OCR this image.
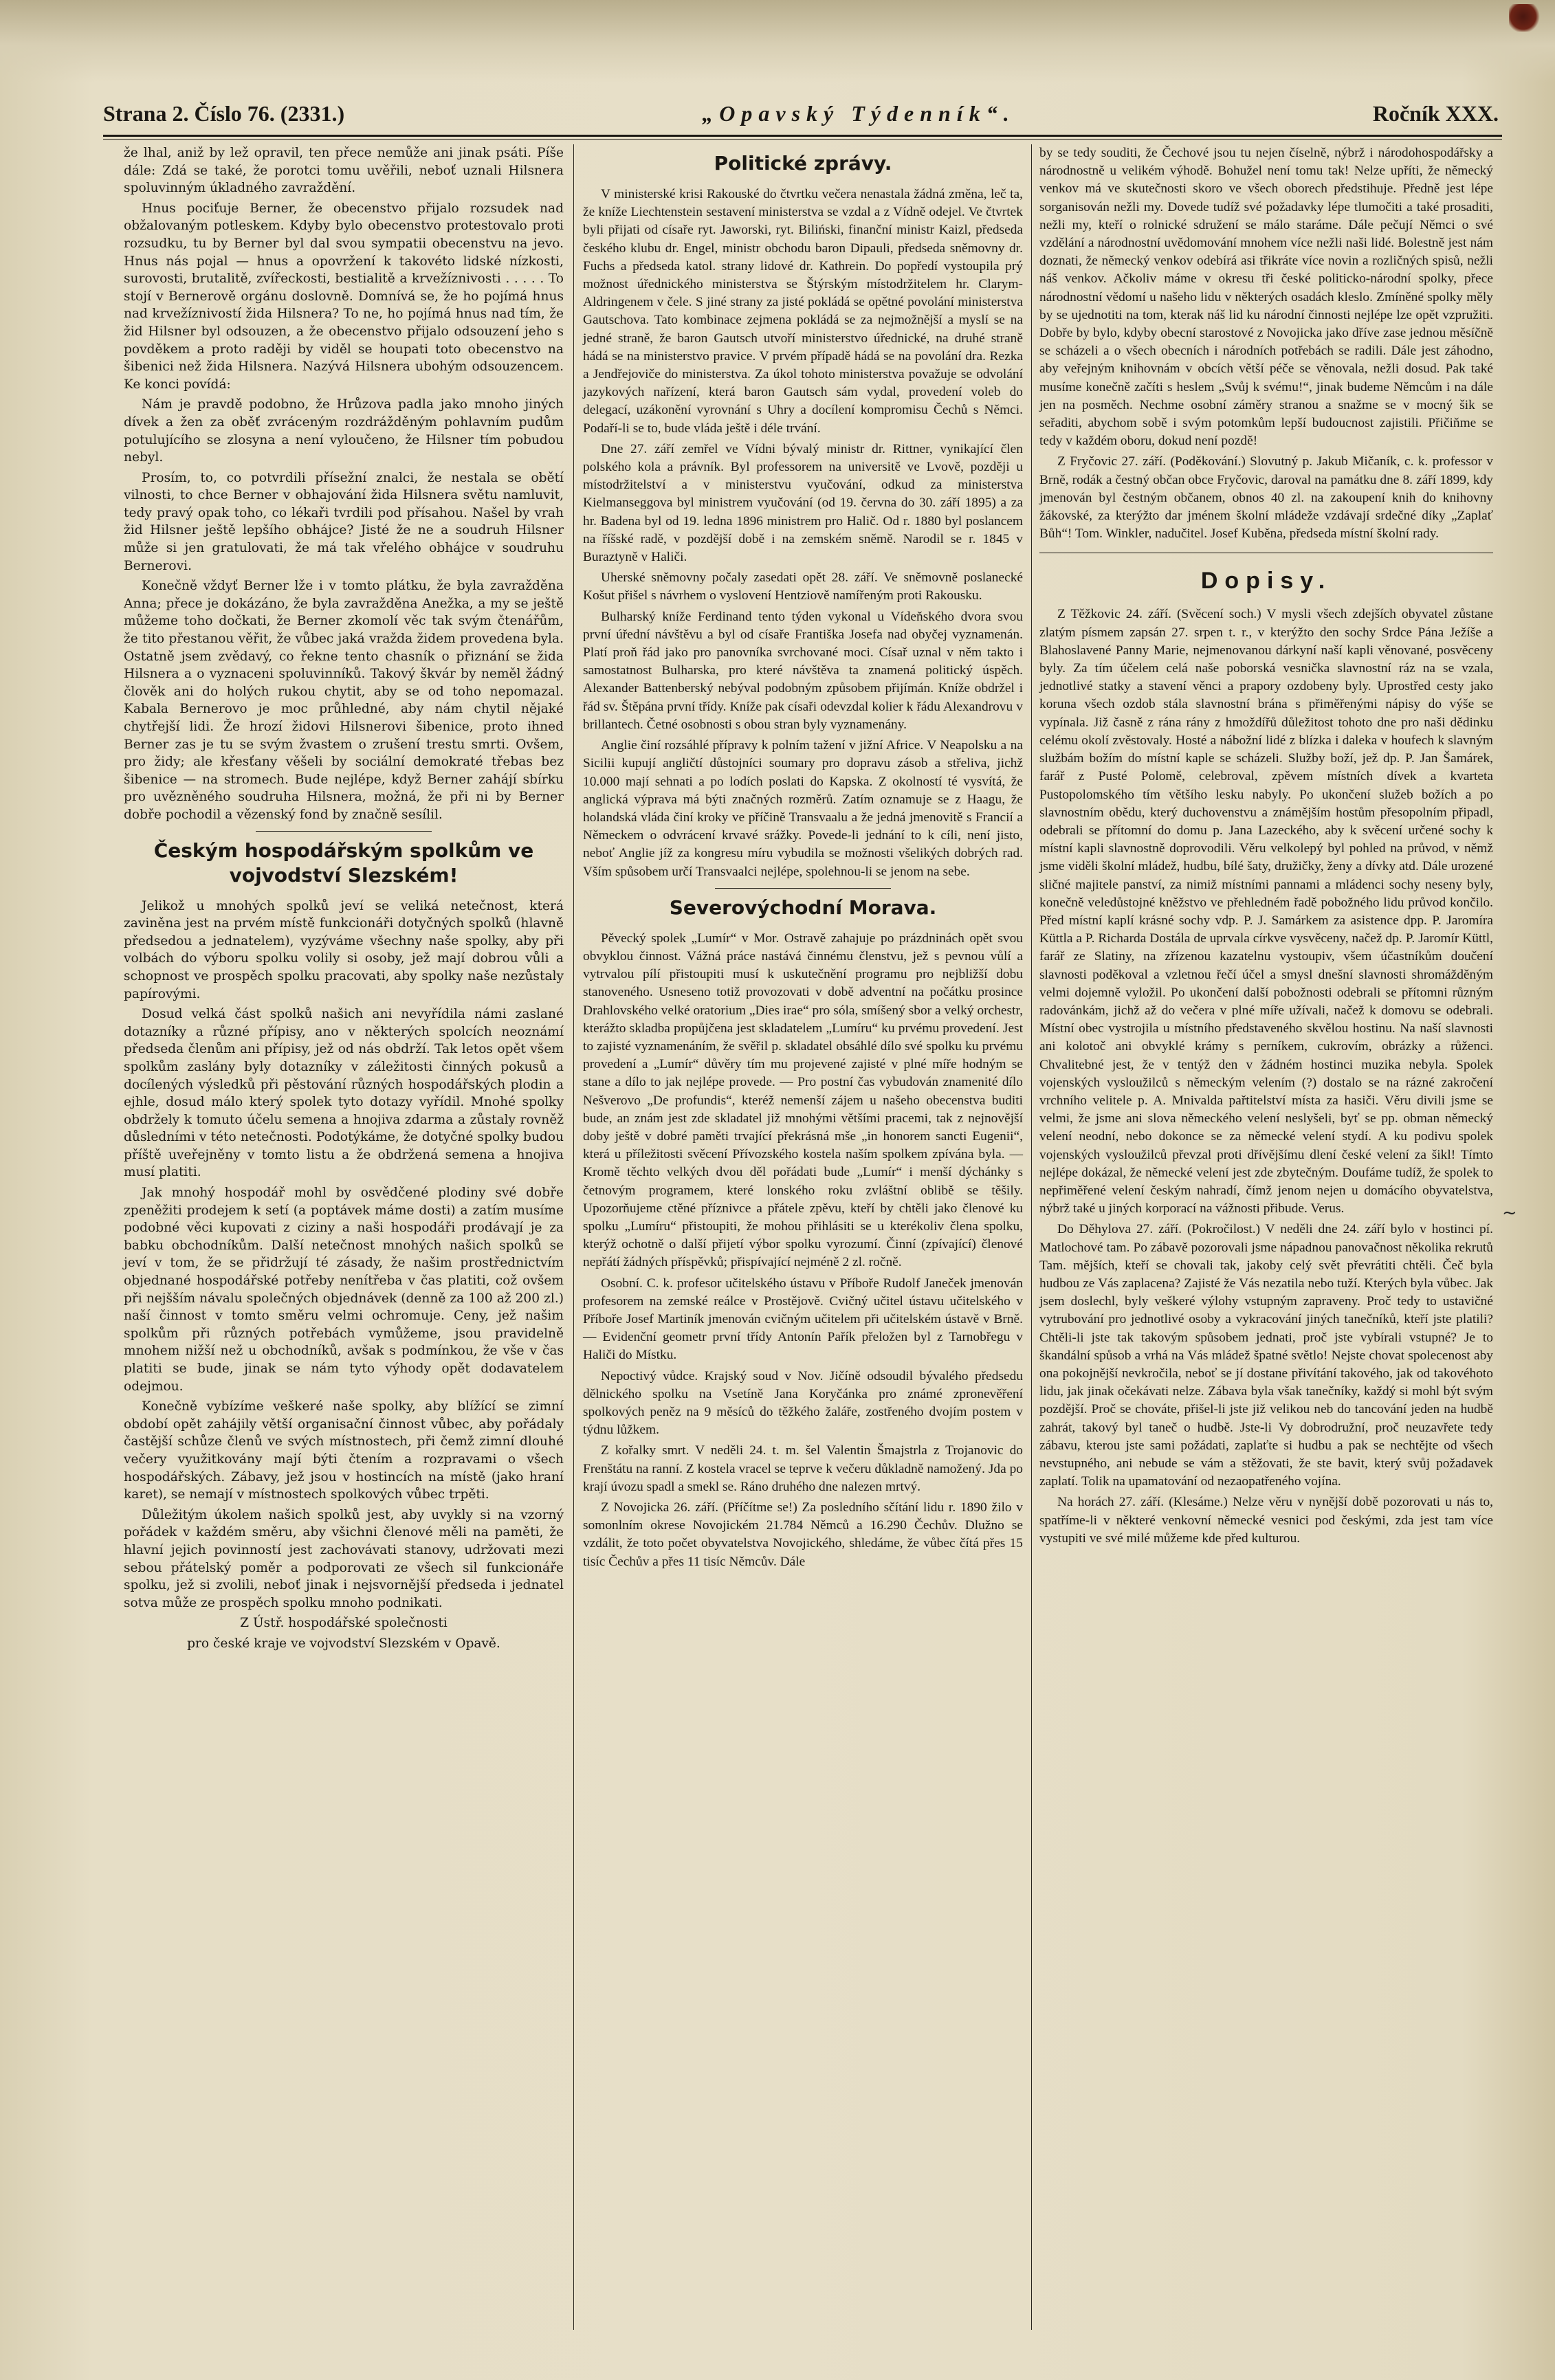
Strana 2. Číslo 76. (2331.)	„Opavský Týdenník“.	Ročník XXX.

že lhal, aniž by lež opravil, ten přece nemůže ani jinak psáti. Píše dále: Zdá se také, že porotci tomu uvěřili, neboť uznali Hilsnera spoluvinným úkladného zavraždění.

Hnus pociťuje Berner, že obecenstvo přijalo rozsudek nad obžalovaným potleskem. Kdyby bylo obecenstvo protestovalo proti rozsudku, tu by Berner byl dal svou sympatii obecenstvu na jevo. Hnus nás pojal — hnus a opovržení k takovéto lidské nízkosti, surovosti, brutalitě, zvířeckosti, bestialitě a krvežíznivosti . . . . . To stojí v Bernerově orgánu doslovně. Domnívá se, že ho pojímá hnus nad krvežíznivostí žida Hilsnera? To ne, ho pojímá hnus nad tím, že žid Hilsner byl odsouzen, a že obecenstvo přijalo odsouzení jeho s povděkem a proto raději by viděl se houpati toto obecenstvo na šibenici než žida Hilsnera. Nazývá Hilsnera ubohým odsouzencem. Ke konci povídá:

Nám je pravdě podobno, že Hrůzova padla jako mnoho jiných dívek a žen za oběť zvráceným rozdrážděným pohlavním pudům potulujícího se zlosyna a není vyloučeno, že Hilsner tím pobudou nebyl.

Prosím, to, co potvrdili přísežní znalci, že nestala se obětí vilnosti, to chce Berner v obhajování žida Hilsnera světu namluvit, tedy pravý opak toho, co lékaři tvrdili pod přísahou. Našel by vrah žid Hilsner ještě lepšího obhájce? Jisté že ne a soudruh Hilsner může si jen gratulovati, že má tak vřelého obhájce v soudruhu Bernerovi.

Konečně vždyť Berner lže i v tomto plátku, že byla zavražděna Anna; přece je dokázáno, že byla zavražděna Anežka, a my se ještě můžeme toho dočkati, že Berner zkomolí věc tak svým čtenářům, že tito přestanou věřit, že vůbec jaká vražda židem provedena byla. Ostatně jsem zvědavý, co řekne tento chasník o přiznání se žida Hilsnera a o vyznaceni spoluvinníků. Takový škvár by neměl žádný člověk ani do holých rukou chytit, aby se od toho nepomazal. Kabala Bernerovo je moc průhledné, aby nám chytil nějaké chytřejší lidi. Že hrozí židovi Hilsnerovi šibenice, proto ihned Berner zas je tu se svým žvastem o zrušení trestu smrti. Ovšem, pro židy; ale křesťany věšeli by sociální demokraté třebas bez šibenice — na stromech. Bude nejlépe, když Berner zahájí sbírku pro uvězněného soudruha Hilsnera, možná, že při ni by Berner dobře pochodil a vězenský fond by značně sesílil.

Českým hospodářským spolkům ve vojvodství Slezském!

Jelikož u mnohých spolků jeví se veliká netečnost, která zaviněna jest na prvém místě funkcionáři dotyčných spolků (hlavně předsedou a jednatelem), vyzýváme všechny naše spolky, aby při volbách do výboru spolku volily si osoby, jež mají dobrou vůli a schopnost ve prospěch spolku pracovati, aby spolky naše nezůstaly papírovými.

Dosud velká část spolků našich ani nevyřídila námi zaslané dotazníky a různé přípisy, ano v některých spolcích neoznámí předseda členům ani přípisy, jež od nás obdrží. Tak letos opět všem spolkům zaslány byly dotazníky v záležitosti činných pokusů a docílených výsledků při pěstování různých hospodářských plodin a ejhle, dosud málo který spolek tyto dotazy vyřídil. Mnohé spolky obdržely k tomuto účelu semena a hnojiva zdarma a zůstaly rovněž důsledními v této netečnosti. Podotýkáme, že dotyčné spolky budou příště uveřejněny v tomto listu a že obdržená semena a hnojiva musí platiti.

Jak mnohý hospodář mohl by osvědčené plodiny své dobře zpeněžiti prodejem k setí (a poptávek máme dosti) a zatím musíme podobné věci kupovati z ciziny a naši hospodáři prodávají je za babku obchodníkům. Další netečnost mnohých našich spolků se jeví v tom, že se přidržují té zásady, že našim prostřednictvím objednané hospodářské potřeby nenítřeba v čas platiti, což ovšem při nejšším návalu společných objednávek (denně za 100 až 200 zl.) naší činnost v tomto směru velmi ochromuje. Ceny, jež našim spolkům při různých potřebách vymůžeme, jsou pravidelně mnohem nižší než u obchodníků, avšak s podmínkou, že vše v čas platiti se bude, jinak se nám tyto výhody opět dodavatelem odejmou.

Konečně vybízíme veškeré naše spolky, aby blížící se zimní období opět zahájily větší organisační činnost vůbec, aby pořádaly častější schůze členů ve svých místnostech, při čemž zimní dlouhé večery využitkovány mají býti čtením a rozpravami o všech hospodářských. Zábavy, jež jsou v hostincích na místě (jako hraní karet), se nemají v místnostech spolkových vůbec trpěti.

Důležitým úkolem našich spolků jest, aby uvykly si na vzorný pořádek v každém směru, aby všichni členové měli na paměti, že hlavní jejich povinností jest zachovávati stanovy, udržovati mezi sebou přátelský poměr a podporovati ze všech sil funkcionáře spolku, jež si zvolili, neboť jinak i nejsvornější předseda i jednatel sotva může ze prospěch spolku mnoho podnikati.

Z Ústř. hospodářské společnosti

pro české kraje ve vojvodství Slezském v Opavě.

Politické zprávy.

V ministerské krisi Rakouské do čtvrtku večera nenastala žádná změna, leč ta, že kníže Liechtenstein sestavení ministerstva se vzdal a z Vídně odejel. Ve čtvrtek byli přijati od císaře ryt. Jaworski, ryt. Biliński, finanční ministr Kaizl, předseda českého klubu dr. Engel, ministr obchodu baron Dipauli, předseda sněmovny dr. Fuchs a předseda katol. strany lidové dr. Kathrein. Do popředí vystoupila prý možnost úřednického ministerstva se Štýrským místodržitelem hr. Clarym-Aldringenem v čele. S jiné strany za jisté pokládá se opětné povolání ministerstva Gautschova. Tato kombinace zejmena pokládá se za nejmožnější a myslí se na jedné straně, že baron Gautsch utvoří ministerstvo úřednické, na druhé straně hádá se na ministerstvo pravice. V prvém případě hádá se na povolání dra. Rezka a Jendřejoviče do ministerstva. Za úkol tohoto ministerstva považuje se odvolání jazykových nařízení, která baron Gautsch sám vydal, provedení voleb do delegací, uzákonění vyrovnání s Uhry a docílení kompromisu Čechů s Němci. Podaří-li se to, bude vláda ještě i déle trvání.

Dne 27. září zemřel ve Vídni bývalý ministr dr. Rittner, vynikající člen polského kola a právník. Byl professorem na universitě ve Lvově, později u místodržitelství a v ministerstvu vyučování, odkud za ministerstva Kielmanseggova byl ministrem vyučování (od 19. června do 30. září 1895) a za hr. Badena byl od 19. ledna 1896 ministrem pro Halič. Od r. 1880 byl poslancem na říšské radě, v pozdější době i na zemském sněmě. Narodil se r. 1845 v Buraztyně v Haliči.

Uherské sněmovny počaly zasedati opět 28. září. Ve sněmovně poslanecké Košut přišel s návrhem o vyslovení Hentziově namířeným proti Rakousku.

Bulharský kníže Ferdinand tento týden vykonal u Vídeňského dvora svou první úřední návštěvu a byl od císaře Františka Josefa nad obyčej vyznamenán. Platí proň řád jako pro panovníka svrchované moci. Císař uznal v něm takto i samostatnost Bulharska, pro které návštěva ta znamená politický úspěch. Alexander Battenberský nebýval podobným způsobem přijímán. Kníže obdržel i řád sv. Štěpána první třídy. Kníže pak císaři odevzdal kolier k řádu Alexandrovu v brillantech. Četné osobnosti s obou stran byly vyznamenány.

Anglie činí rozsáhlé přípravy k polním tažení v jižní Africe. V Neapolsku a na Sicilii kupují angličtí důstojníci soumary pro dopravu zásob a střeliva, jichž 10.000 mají sehnati a po lodích poslati do Kapska. Z okolností té vysvítá, že anglická výprava má býti značných rozměrů. Zatím oznamuje se z Haagu, že holandská vláda činí kroky ve příčině Transvaalu a že jedná jmenovitě s Francií a Německem o odvrácení krvavé srážky. Povede-li jednání to k cíli, není jisto, neboť Anglie jíž za kongresu míru vybudila se možnosti všelikých dobrých rad. Vším spůsobem určí Transvaalci nejlépe, spolehnou-li se jenom na sebe.

Severovýchodní Morava.

Pěvecký spolek „Lumír“ v Mor. Ostravě zahajuje po prázdninách opět svou obvyklou činnost. Vážná práce nastává činnému členstvu, jež s pevnou vůlí a vytrvalou pílí přistoupiti musí k uskutečnění programu pro nejbližší dobu stanoveného. Usneseno totiž provozovati v době adventní na počátku prosince Drahlovského velké oratorium „Dies irae“ pro sóla, smíšený sbor a velký orchestr, kterážto skladba propůjčena jest skladatelem „Lumíru“ ku prvému provedení. Jest to zajisté vyznamenáním, že svěřil p. skladatel obsáhlé dílo své spolku ku prvému provedení a „Lumír“ důvěry tím mu projevené zajisté v plné míře hodným se stane a dílo to jak nejlépe provede. — Pro postní čas vybudován znamenité dílo Nešverovo „De profundis“, kteréž nemenší zájem u našeho obecenstva buditi bude, an znám jest zde skladatel již mnohými většími pracemi, tak z nejnovější doby ještě v dobré paměti trvající překrásná mše „in honorem sancti Eugenii“, která u příležitosti svěcení Přívozského kostela naším spolkem zpívána byla. — Kromě těchto velkých dvou děl pořádati bude „Lumír“ i menší dýchánky s četnovým programem, které lonského roku zvláštní oblibě se těšily. Upozorňujeme ctěné příznivce a přátele zpěvu, kteří by chtěli jako členové ku spolku „Lumíru“ přistoupiti, že mohou přihlásiti se u kterékoliv člena spolku, kterýž ochotně o další přijetí výbor spolku vyrozumí. Činní (zpívající) členové nepřátí žádných příspěvků; přispívající nejméně 2 zl. ročně.

Osobní. C. k. profesor učitelského ústavu v Příboře Rudolf Janeček jmenován profesorem na zemské reálce v Prostějově. Cvičný učitel ústavu učitelského v Příboře Josef Martiník jmenován cvičným učitelem při učitelském ústavě v Brně. — Evidenční geometr první třídy Antonín Pařík přeložen byl z Tarnobřegu v Haliči do Místku.

Nepoctivý vůdce. Krajský soud v Nov. Jičíně odsoudil bývalého předsedu dělnického spolku na Vsetíně Jana Koryčánka pro známé zpronevěření spolkových peněz na 9 měsíců do těžkého žaláře, zostřeného dvojím postem v týdnu lůžkem.

Z kořalky smrt. V neděli 24. t. m. šel Valentin Šmajstrla z Trojanovic do Frenštátu na ranní. Z kostela vracel se teprve k večeru důkladně namožený. Jda po krají úvozu spadl a smekl se. Ráno druhého dne nalezen mrtvý.

Z Novojicka 26. září. (Příčítme se!) Za posledního sčítání lidu r. 1890 žilo v somonlním okrese Novojickém 21.784 Němců a 16.290 Čechův. Dlužno se vzdálit, že toto počet obyvatelstva Novojického, shledáme, že vůbec čítá přes 15 tisíc Čechův a přes 11 tisíc Němcův. Dále

by se tedy souditi, že Čechové jsou tu nejen číselně, nýbrž i národohospodářsky a národnostně u velikém výhodě. Bohužel není tomu tak! Nelze upříti, že německý venkov má ve skutečnosti skoro ve všech oborech předstihuje. Předně jest lépe sorganisován nežli my. Dovede tudíž své požadavky lépe tlumočiti a také prosaditi, nežli my, kteří o rolnické sdružení se málo staráme. Dále pečují Němci o své vzdělání a národnostní uvědomování mnohem více nežli naši lidé. Bolestně jest nám doznati, že německý venkov odebírá asi třikráte více novin a rozličných spisů, nežli náš venkov. Ačkoliv máme v okresu tři české politicko-národní spolky, přece národnostní vědomí u našeho lidu v některých osadách kleslo. Zmíněné spolky měly by se ujednotiti na tom, kterak náš lid ku národní činnosti nejlépe lze opět vzpružiti. Dobře by bylo, kdyby obecní starostové z Novojicka jako dříve zase jednou měsíčně se scházeli a o všech obecních i národních potřebách se radili. Dále jest záhodno, aby veřejným knihovnám v obcích větší péče se věnovala, nežli dosud. Pak také musíme konečně začíti s heslem „Svůj k svému!“, jinak budeme Němcům i na dále jen na posměch. Nechme osobní záměry stranou a snažme se v mocný šik se seřaditi, abychom sobě i svým potomkům lepší budoucnost zajistili. Přičiňme se tedy v každém oboru, dokud není pozdě!

Z Fryčovic 27. září. (Poděkování.) Slovutný p. Jakub Mičaník, c. k. professor v Brně, rodák a čestný občan obce Fryčovic, daroval na památku dne 8. září 1899, kdy jmenován byl čestným občanem, obnos 40 zl. na zakoupení knih do knihovny žákovské, za kterýžto dar jménem školní mládeže vzdávají srdečné díky „Zaplať Bůh“! Tom. Winkler, nadučitel. Josef Kuběna, předseda místní školní rady.

Dopisy.

Z Těžkovic 24. září. (Svěcení soch.) V mysli všech zdejších obyvatel zůstane zlatým písmem zapsán 27. srpen t. r., v kterýžto den sochy Srdce Pána Ježíše a Blahoslavené Panny Marie, nejmenovanou dárkyní naší kapli věnované, posvěceny byly. Za tím účelem celá naše poborská vesnička slavnostní ráz na se vzala, jednotlivé statky a stavení věnci a prapory ozdobeny byly. Uprostřed cesty jako koruna všech ozdob stála slavnostní brána s přiměřenými nápisy do výše se vypínala. Již časně z rána rány z hmoždířů důležitost tohoto dne pro naši dědinku celému okolí zvěstovaly. Hosté a nábožní lidé z blízka i daleka v houfech k slavným službám božím do místní kaple se scházeli. Služby boží, jež dp. P. Jan Šamárek, farář z Pusté Polomě, celebroval, zpěvem místních dívek a kvarteta Pustopolomského tím většího lesku nabyly. Po ukončení služeb božích a po slavnostním obědu, který duchovenstvu a známějším hostům přesopolním připadl, odebrali se přítomní do domu p. Jana Lazeckého, aby k svěcení určené sochy k místní kapli slavnostně doprovodili. Věru velkolepý byl pohled na průvod, v němž jsme viděli školní mládež, hudbu, bílé šaty, družičky, ženy a dívky atd. Dále urozené sličné majitele panství, za nimiž místními pannami a mládenci sochy neseny byly, konečně veledůstojné kněžstvo ve přehledném řadě pobožného lidu průvod končilo. Před místní kaplí krásné sochy vdp. P. J. Samárkem za asistence dpp. P. Jaromíra Küttla a P. Richarda Dostála de uprvala církve vysvěceny, načež dp. P. Jaromír Küttl, farář ze Slatiny, na zřízenou kazatelnu vystoupiv, všem účastníkům doučení slavnosti poděkoval a vzletnou řečí účel a smysl dnešní slavnosti shromážděným velmi dojemně vyložil. Po ukončení další pobožnosti odebrali se přítomni různým radovánkám, jichž až do večera v plné míře užívali, načež k domovu se odebrali. Místní obec vystrojila u místního představeného skvělou hostinu. Na naší slavnosti ani kolotoč ani obvyklé krámy s perníkem, cukrovím, obrázky a růženci. Chvalitebné jest, že v tentýž den v žádném hostinci muzika nebyla. Spolek vojenských vysloužilců s německým velením (?) dostalo se na rázné zakročení vrchního velitele p. A. Mnivalda pařtitelství místa za hasiči. Věru divili jsme se velmi, že jsme ani slova německého velení neslyšeli, byť se pp. obman německý velení neodní, nebo dokonce se za německé velení stydí. A ku podivu spolek vojenských vysloužilců převzal proti dřívějšímu dlení české velení za šikl! Tímto nejlépe dokázal, že německé velení jest zde zbytečným. Doufáme tudíž, že spolek to nepřiměřené velení českým nahradí, čímž jenom nejen u domácího obyvatelstva, nýbrž také u jiných korporací na vážnosti přibude. Verus.

Do Děhylova 27. září. (Pokročilost.) V neděli dne 24. září bylo v hostinci pí. Matlochové tam. Po zábavě pozorovali jsme nápadnou panovačnost několika rekrutů Tam. mějších, kteří se chovali tak, jakoby celý svět převrátiti chtěli. Čeč byla hudbou ze Vás zaplacena? Zajisté že Vás nezatila nebo tuží. Kterých byla vůbec. Jak jsem doslechl, byly veškeré výlohy vstupným zapraveny. Proč tedy to ustavičné vytrubování pro jednotlivé osoby a vykracování jiných tanečníků, kteří jste platili? Chtěli-li jste tak takovým spůsobem jednati, proč jste vybírali vstupné? Je to škandální spůsob a vrhá na Vás mládež špatné světlo! Nejste chovat spolecenost aby ona pokojnější nevkročila, neboť se jí dostane přivítání takového, jak od takovéhoto lidu, jak jinak očekávati nelze. Zábava byla však tanečníky, každý si mohl být svým pozdější. Proč se chováte, přišel-li jste již velikou neb do tancování jeden na hudbě zahrát, takový byl taneč o hudbě. Jste-li Vy dobrodružní, proč neuzavřete tedy zábavu, kterou jste sami požádati, zaplaťte si hudbu a pak se nechtějte od všech nevstupného, ani nebude se vám a stěžovati, že ste bavit, který svůj požadavek zaplatí. Tolik na upamatování od nezaopatřeného vojína.

Na horách 27. září. (Klesáme.) Nelze věru v nynější době pozorovati u nás to, spatříme-li v některé venkovní německé vesnici pod českými, zda jest tam více vystupiti ve své milé můžeme kde před kulturou.

~
